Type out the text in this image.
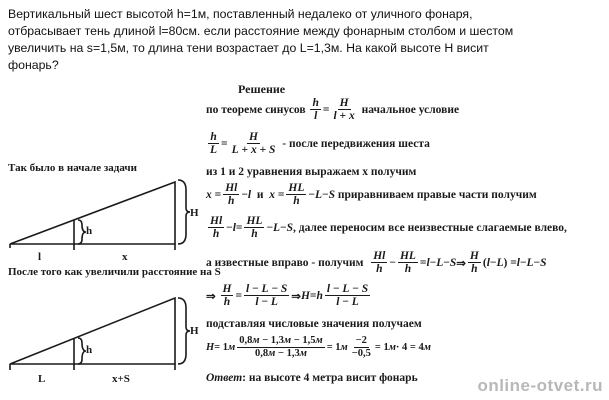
Вертикальный шест высотой h=1м, поставленный недалеко от уличного фонаря,
отбрасывает тень длиной l=80см. если расстояние между фонарным столбом и шестом
увеличить на s=1,5м, то длина тени возрастает до L=1,3м. На какой высоте H висит
фонарь?
Так было в начале задачи
После того как увеличили расстояние на S
H
h
l	x
H
h
L	x+S
Решение
по теореме синусов
$\frac{h}{l} = \frac{H}{l + x}$
начальное условие
$\frac{h}{L} = \frac{H}{L + x + S}$
- после передвижения шеста
из 1 и 2 уравнения выражаем x получим
$x = \frac{Hl}{h} - l$
и
$x = \frac{HL}{h} - L - S$
приравниваем правые части получим
$\frac{Hl}{h} - l = \frac{HL}{h} - L - S$ , далее переносим все неизвестные слагаемые влево,
а известные вправо - получим
$\frac{Hl}{h} - \frac{HL}{h} = l - L - S$ ⇒ $\frac{H}{h}$ ( l − L ) = l − L − S
⇒ $\frac{H}{h} = \frac{l - L - S}{l - L}$ ⇒ H = h $\frac{l - L - S}{l - L}$
подставляя числовые значения получаем
H = 1 м $\frac{0,8м - 1,3м - 1,5м}{0,8м - 1,3м} = 1$ м $\frac{-2}{-0,5} = 1$ м · 4 = 4 м
Ответ: на высоте 4 метра висит фонарь	online-otvet.ru
